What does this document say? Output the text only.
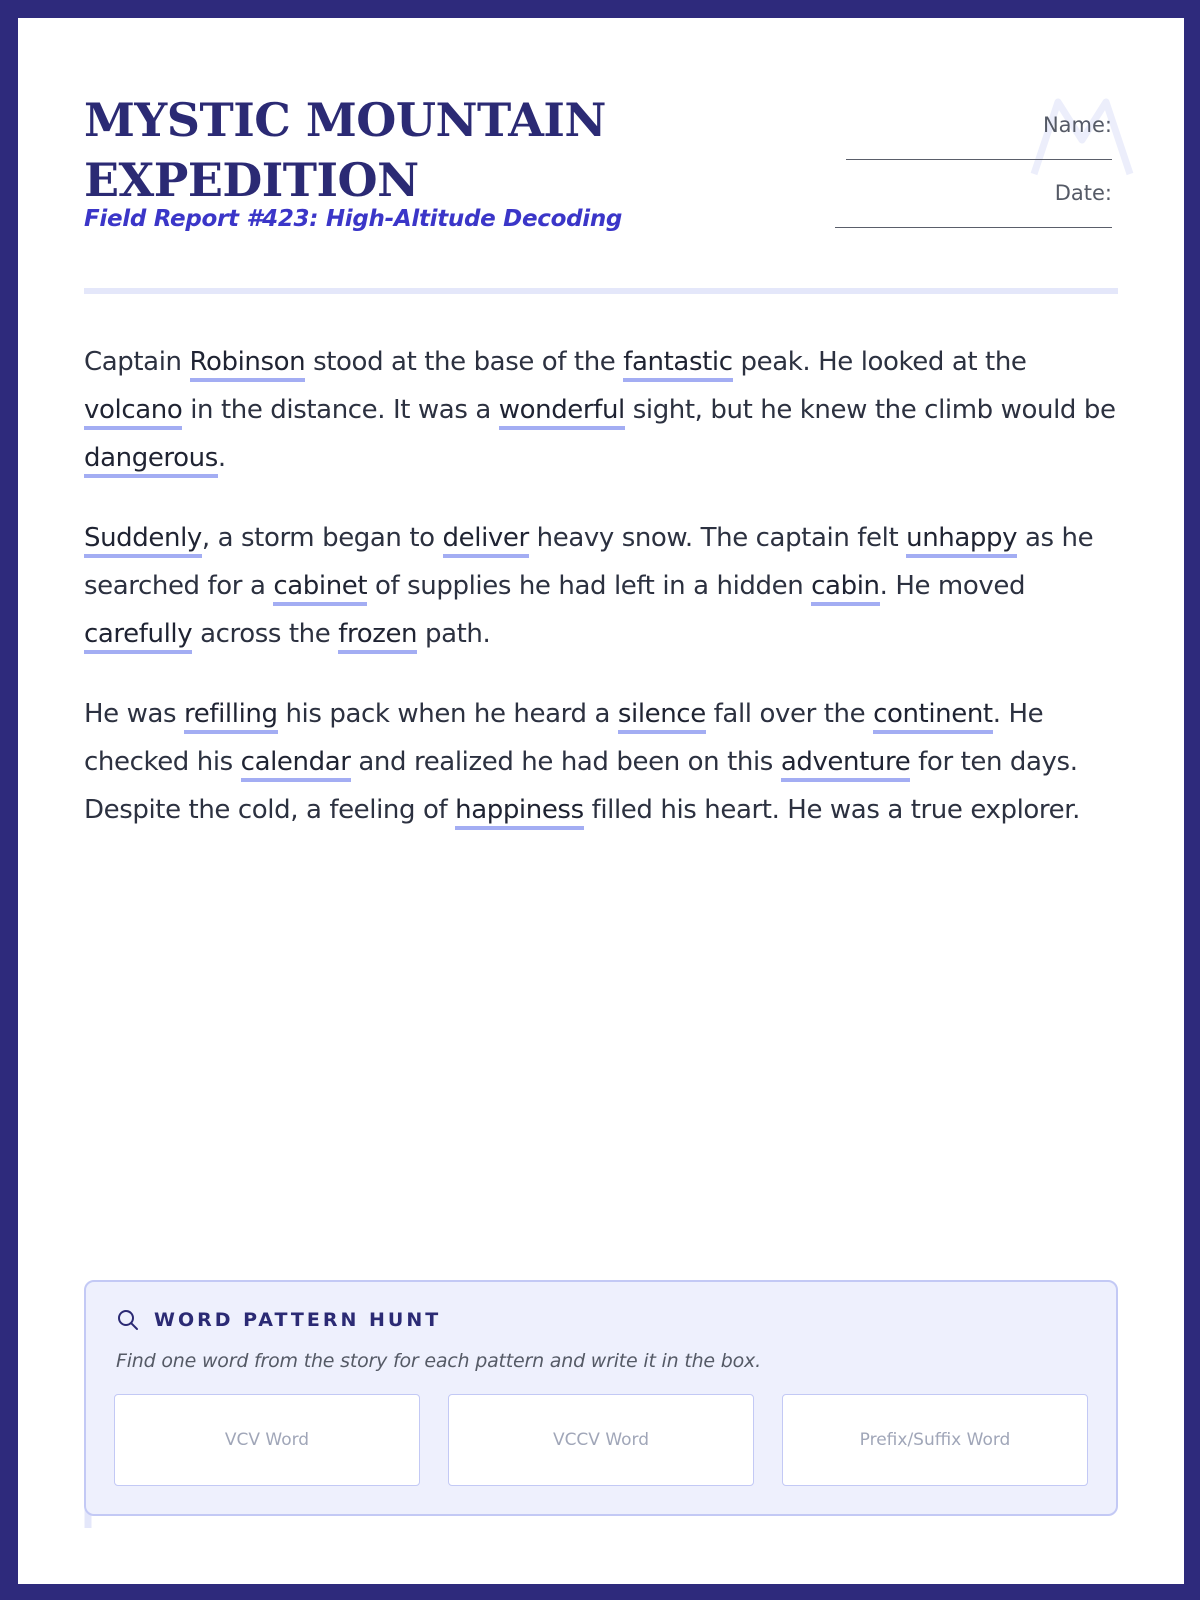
MYSTIC MOUNTAIN
EXPEDITION
Field Report #423: High-Altitude Decoding
Name:
Date:

Captain Robinson stood at the base of the fantastic peak. He looked at the volcano in the distance. It was a wonderful sight, but he knew the climb would be dangerous.

Suddenly, a storm began to deliver heavy snow. The captain felt unhappy as he searched for a cabinet of supplies he had left in a hidden cabin. He moved carefully across the frozen path.

He was refilling his pack when he heard a silence fall over the continent. He checked his calendar and realized he had been on this adventure for ten days. Despite the cold, a feeling of happiness filled his heart. He was a true explorer.

WORD PATTERN HUNT
Find one word from the story for each pattern and write it in the box.
VCV Word	VCCV Word	Prefix/Suffix Word
